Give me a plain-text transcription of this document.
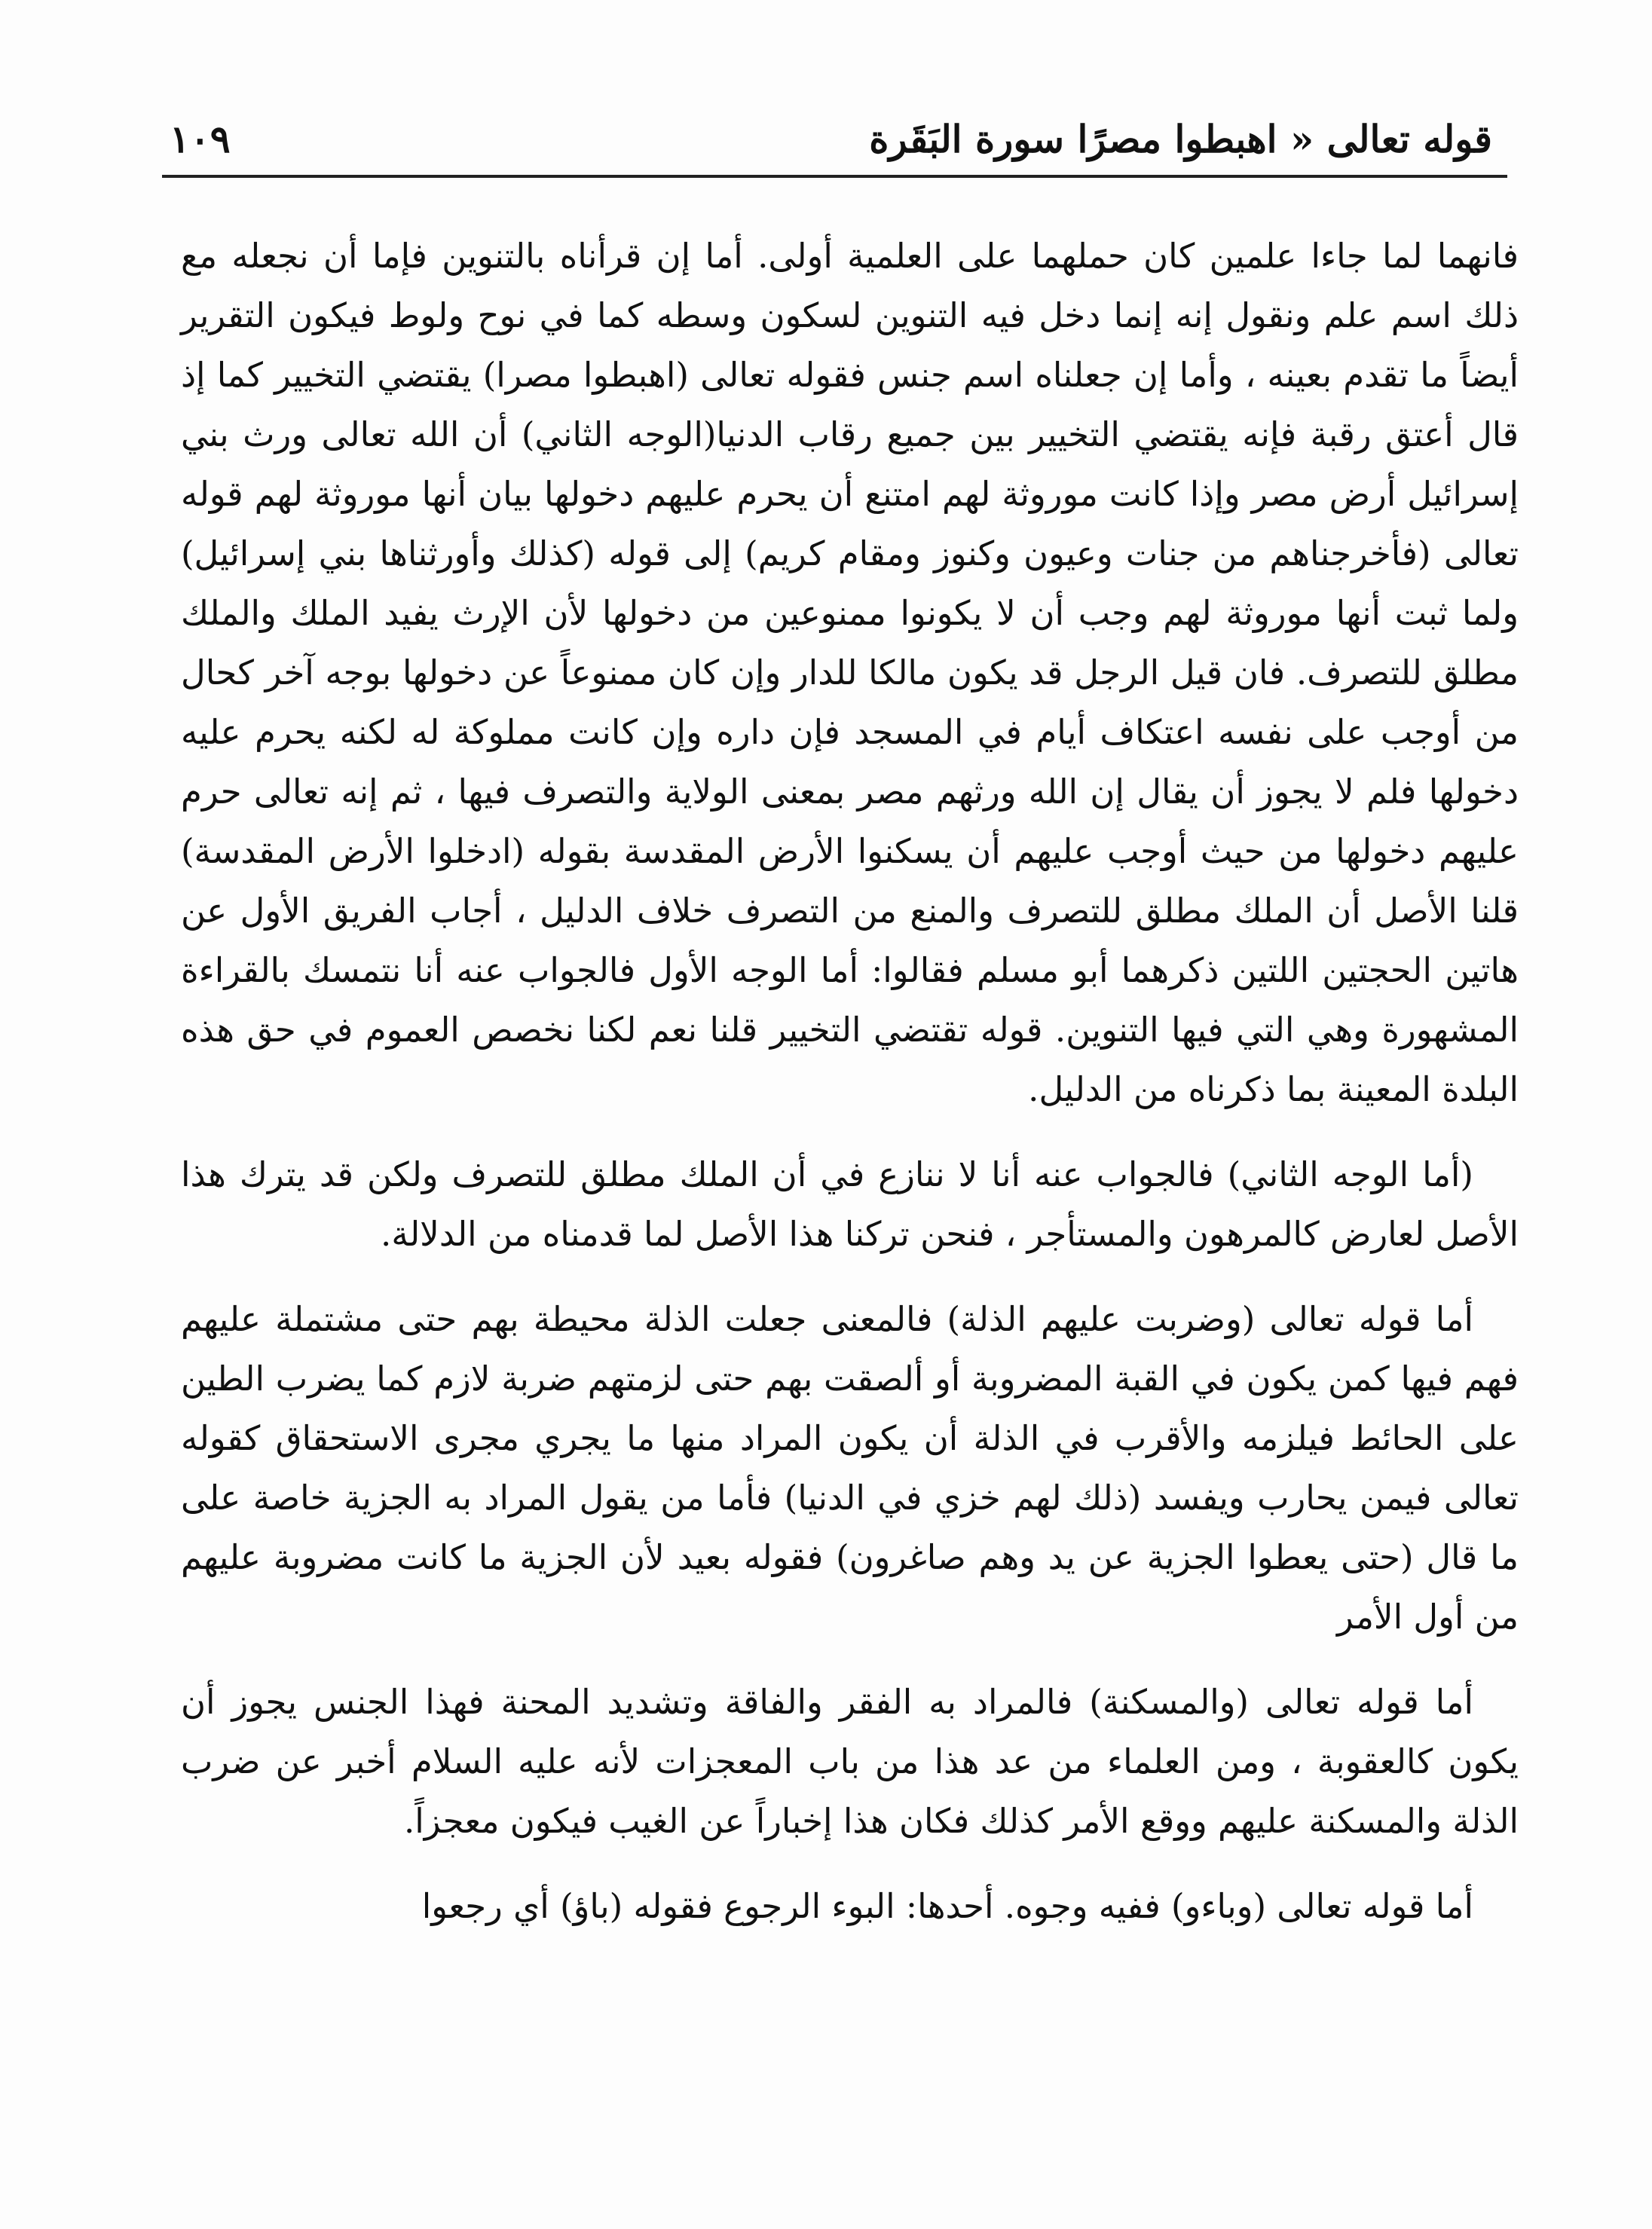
قوله تعالى « اهبطوا مصرًا سورة البَقَرة
١٠٩

فانهما لما جاءا علمين كان حملهما على العلمية أولى. أما إن قرأناه بالتنوين فإما أن نجعله مع ذلك اسم علم ونقول إنه إنما دخل فيه التنوين لسكون وسطه كما في نوح ولوط فيكون التقرير أيضاً ما تقدم بعينه ، وأما إن جعلناه اسم جنس فقوله تعالى (اهبطوا مصرا) يقتضي التخيير كما إذ قال أعتق رقبة فإنه يقتضي التخيير بين جميع رقاب الدنيا(الوجه الثاني) أن الله تعالى ورث بني إسرائيل أرض مصر وإذا كانت موروثة لهم امتنع أن يحرم عليهم دخولها بيان أنها موروثة لهم قوله تعالى (فأخرجناهم من جنات وعيون وكنوز ومقام كريم) إلى قوله (كذلك وأورثناها بني إسرائيل) ولما ثبت أنها موروثة لهم وجب أن لا يكونوا ممنوعين من دخولها لأن الإرث يفيد الملك والملك مطلق للتصرف. فان قيل الرجل قد يكون مالكا للدار وإن كان ممنوعاً عن دخولها بوجه آخر كحال من أوجب على نفسه اعتكاف أيام في المسجد فإن داره وإن كانت مملوكة له لكنه يحرم عليه دخولها فلم لا يجوز أن يقال إن الله ورثهم مصر بمعنى الولاية والتصرف فيها ، ثم إنه تعالى حرم عليهم دخولها من حيث أوجب عليهم أن يسكنوا الأرض المقدسة بقوله (ادخلوا الأرض المقدسة) قلنا الأصل أن الملك مطلق للتصرف والمنع من التصرف خلاف الدليل ، أجاب الفريق الأول عن هاتين الحجتين اللتين ذكرهما أبو مسلم فقالوا: أما الوجه الأول فالجواب عنه أنا نتمسك بالقراءة المشهورة وهي التي فيها التنوين. قوله تقتضي التخيير قلنا نعم لكنا نخصص العموم في حق هذه البلدة المعينة بما ذكرناه من الدليل.

(أما الوجه الثاني) فالجواب عنه أنا لا ننازع في أن الملك مطلق للتصرف ولكن قد يترك هذا الأصل لعارض كالمرهون والمستأجر ، فنحن تركنا هذا الأصل لما قدمناه من الدلالة.

أما قوله تعالى (وضربت عليهم الذلة) فالمعنى جعلت الذلة محيطة بهم حتى مشتملة عليهم فهم فيها كمن يكون في القبة المضروبة أو ألصقت بهم حتى لزمتهم ضربة لازم كما يضرب الطين على الحائط فيلزمه والأقرب في الذلة أن يكون المراد منها ما يجري مجرى الاستحقاق كقوله تعالى فيمن يحارب ويفسد (ذلك لهم خزي في الدنيا) فأما من يقول المراد به الجزية خاصة على ما قال (حتى يعطوا الجزية عن يد وهم صاغرون) فقوله بعيد لأن الجزية ما كانت مضروبة عليهم من أول الأمر

أما قوله تعالى (والمسكنة) فالمراد به الفقر والفاقة وتشديد المحنة فهذا الجنس يجوز أن يكون كالعقوبة ، ومن العلماء من عد هذا من باب المعجزات لأنه عليه السلام أخبر عن ضرب الذلة والمسكنة عليهم ووقع الأمر كذلك فكان هذا إخباراً عن الغيب فيكون معجزاً.

أما قوله تعالى (وباءو) ففيه وجوه. أحدها: البوء الرجوع فقوله (باؤ) أي رجعوا
